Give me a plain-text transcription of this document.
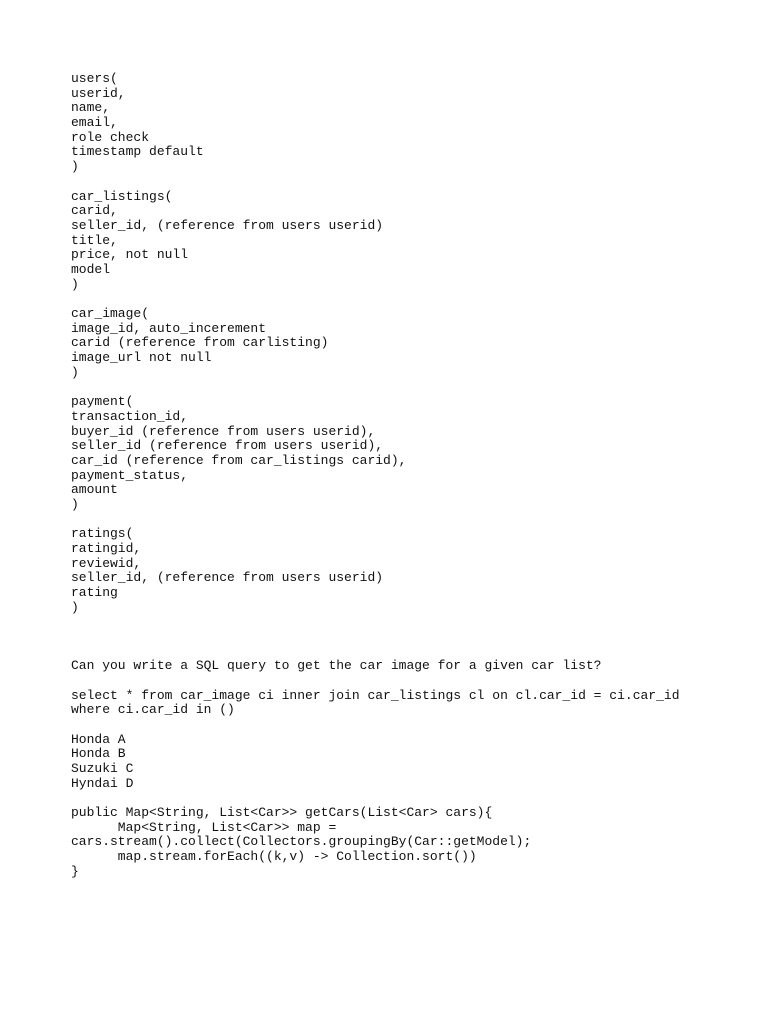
users(
userid,
name,
email,
role check
timestamp default
)
car_listings(
carid,
seller_id, (reference from users userid)
title,
price, not null
model
)
car_image(
image_id, auto_incerement
carid (reference from carlisting)
image_url not null
)
payment(
transaction_id,
buyer_id (reference from users userid),
seller_id (reference from users userid),
car_id (reference from car_listings carid),
payment_status,
amount
)
ratings(
ratingid,
reviewid,
seller_id, (reference from users userid)
rating
)
Can you write a SQL query to get the car image for a given car list?
select * from car_image ci inner join car_listings cl on cl.car_id = ci.car_id
where ci.car_id in ()
Honda A
Honda B
Suzuki C
Hyndai D
public Map<String, List<Car>> getCars(List<Car> cars){
Map<String, List<Car>> map =
cars.stream().collect(Collectors.groupingBy(Car::getModel);
map.stream.forEach((k,v) -> Collection.sort())
}
